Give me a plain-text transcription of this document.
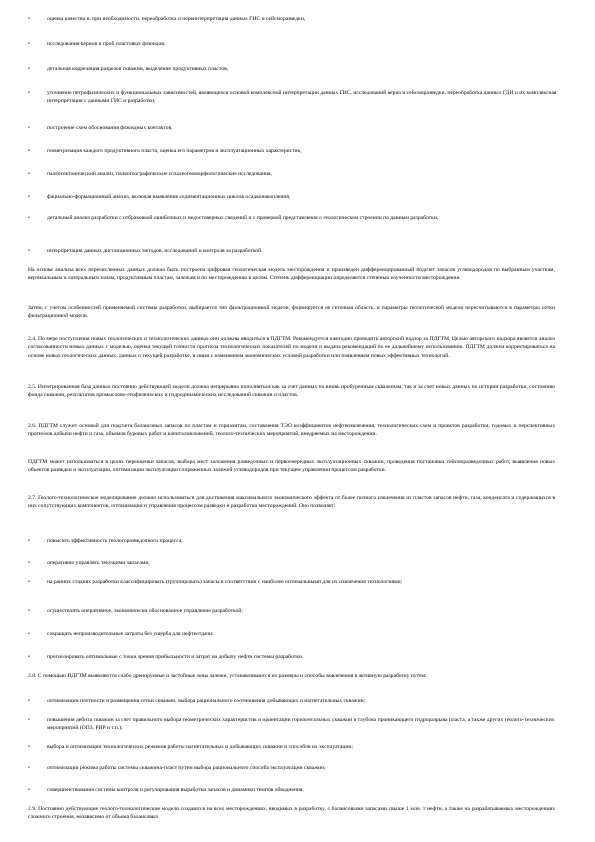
•	оценка качества и, при необходимости, переобработка и переинтерпретация данных ГИС и сейсморазведки,
•	исследования кернов и проб пластовых флюидов,
•	детальная корреляция разрезов скважин, выделение продуктивных пластов,
•	уточнение петрофизических и функциональных зависимостей, являющихся основой комплексной интерпретации данных ГИС, исследований керна и сейсморазведки, переобработка данных ГДИ и их комплексная интерпретация с данными ГИС и разработки,
•	построение схем обоснования флюидных контактов,
•	геометризация каждого продуктивного пласта, оценка его параметров и эксплуатационных характеристик,
•	палеотектонический анализ, палеогеографические и палеогеоморфологические исследования,
•	фациально-формационный анализ, включая выявление седиментационных циклов осадконакопления,
•	детальный анализ разработки с отбраковкой ошибочных и недостоверных сведений и с проверкой представления о геологическом строении по данным разработки,
•	интерпретация данных дистанционных методов, исследований и контроля за разработкой.
На основе анализа всех перечисленных данных должна быть построена цифровая геологическая модель месторождения и произведен дифференцированный подсчет запасов углеводородов по выбранным участкам, вертикальным и латеральным зонам, продуктивным пластам, залежам и по месторождению в целом. Степень дифференциации определяется степенью изученности месторождения.
Затем, с учетом особенностей применяемой системы разработки, выбирается тип фильтрационной модели, формируется ее сеточная область, и параметры геологической модели пересчитываются в параметры сетки фильтрационной модели.
2.4. По мере поступления новых геологических и технологических данных они должны вводиться в ПДГТМ. Рекомендуется ежегодно проводить авторский надзор за ПДГТМ. Целью авторского надзора является анализ согласованности новых данных с моделью, оценка текущей точности прогноза технологических показателей по модели и выдача рекомендаций по ее дальнейшему использованию. ПДГТМ должна корректироваться на основе новых геологических данных, данных о текущей разработке, в связи с изменением экономических условий разработки или появлением новых эффективных технологий.
2.5. Интегрированная база данных постоянно действующей модели должна непрерывно пополняться как за счет данных по вновь пробуренным скважинам, так и за счет новых данных по истории разработки, состоянию фонда скважин, результатов промыслово-геофизических и гидродинамических исследований скважин и пластов.
2.6. ПДГТМ служит основой для подсчета балансовых запасов по пластам и горизонтам, составления ТЭО коэффициентов нефтеизвлечения, технологических схем и проектов разработки, годовых и перспективных прогнозов добычи нефти и газа, объемов буровых работ и капиталовложений, геолого-технических мероприятий, внедряемых на месторождении.
ПДГТМ может использоваться в целях переоценки запасов, выбора мест заложения разведочных и первоочередных эксплуатационных скважин, проведения постановки сейсморазведочных работ, выявления новых объектов разведки и эксплуатации, оптимизации эксплуатации сопряженных залежей углеводородов при текущем управлении процессом разработки.
2.7. Геолого-технологическое моделирование должно использоваться для достижения максимального экономического эффекта от более полного извлечения из пластов запасов нефти, газа, конденсата и содержащихся в них сопутствующих компонентов, оптимизации и управления процессом разведки и разработки месторождений. Оно позволяет:
•	повысить эффективность геологоразведочного процесса,
•	оперативно управлять текущими запасами,
•	на ранних стадиях разработки классифицировать (группировать) запасы в соответствии с наиболее оптимальными для их извлечения технологиями;
•	осуществлять оперативное, экономически обоснованное управление разработкой;
•	сокращать непроизводительные затраты без ущерба для нефтеотдачи;
•	прогнозировать оптимальные с точки зрения прибыльности и затрат на добычу нефти системы разработки.
2.8. С помощью ПДГТМ выявляются слабо дренируемые и застойные зоны залежи, устанавливаются их размеры и способы вовлечения в активную разработку путем:
•	оптимизации плотности и размещения сетки скважин, выбора рационального соотношения добывающих и нагнетательных скважин;
•	повышения дебита скважин за счет правильного выбора геометрических характеристик и ориентации горизонтальных скважин и глубоко проникающего гидроразрыва пласта, а также других геолого-технических мероприятий (ОПЗ, РИР и т.п.);
•	выбора и оптимизации технологических режимов работы нагнетательных и добывающих скважин и способов их эксплуатации;
•	оптимизации режима работы системы скважина-пласт путем выбора рационального способа эксплуатации скважин;
•	совершенствования системы контроля и регулирования выработки запасов и динамики темпов обводнения.
2.9. Постоянно действующие геолого-технологические модели создаются на всех месторождениях, вводимых в разработку, с балансовыми запасами свыше 1 млн. т нефти, а также на разрабатываемых месторождениях сложного строения, независимо от объема балансовых
